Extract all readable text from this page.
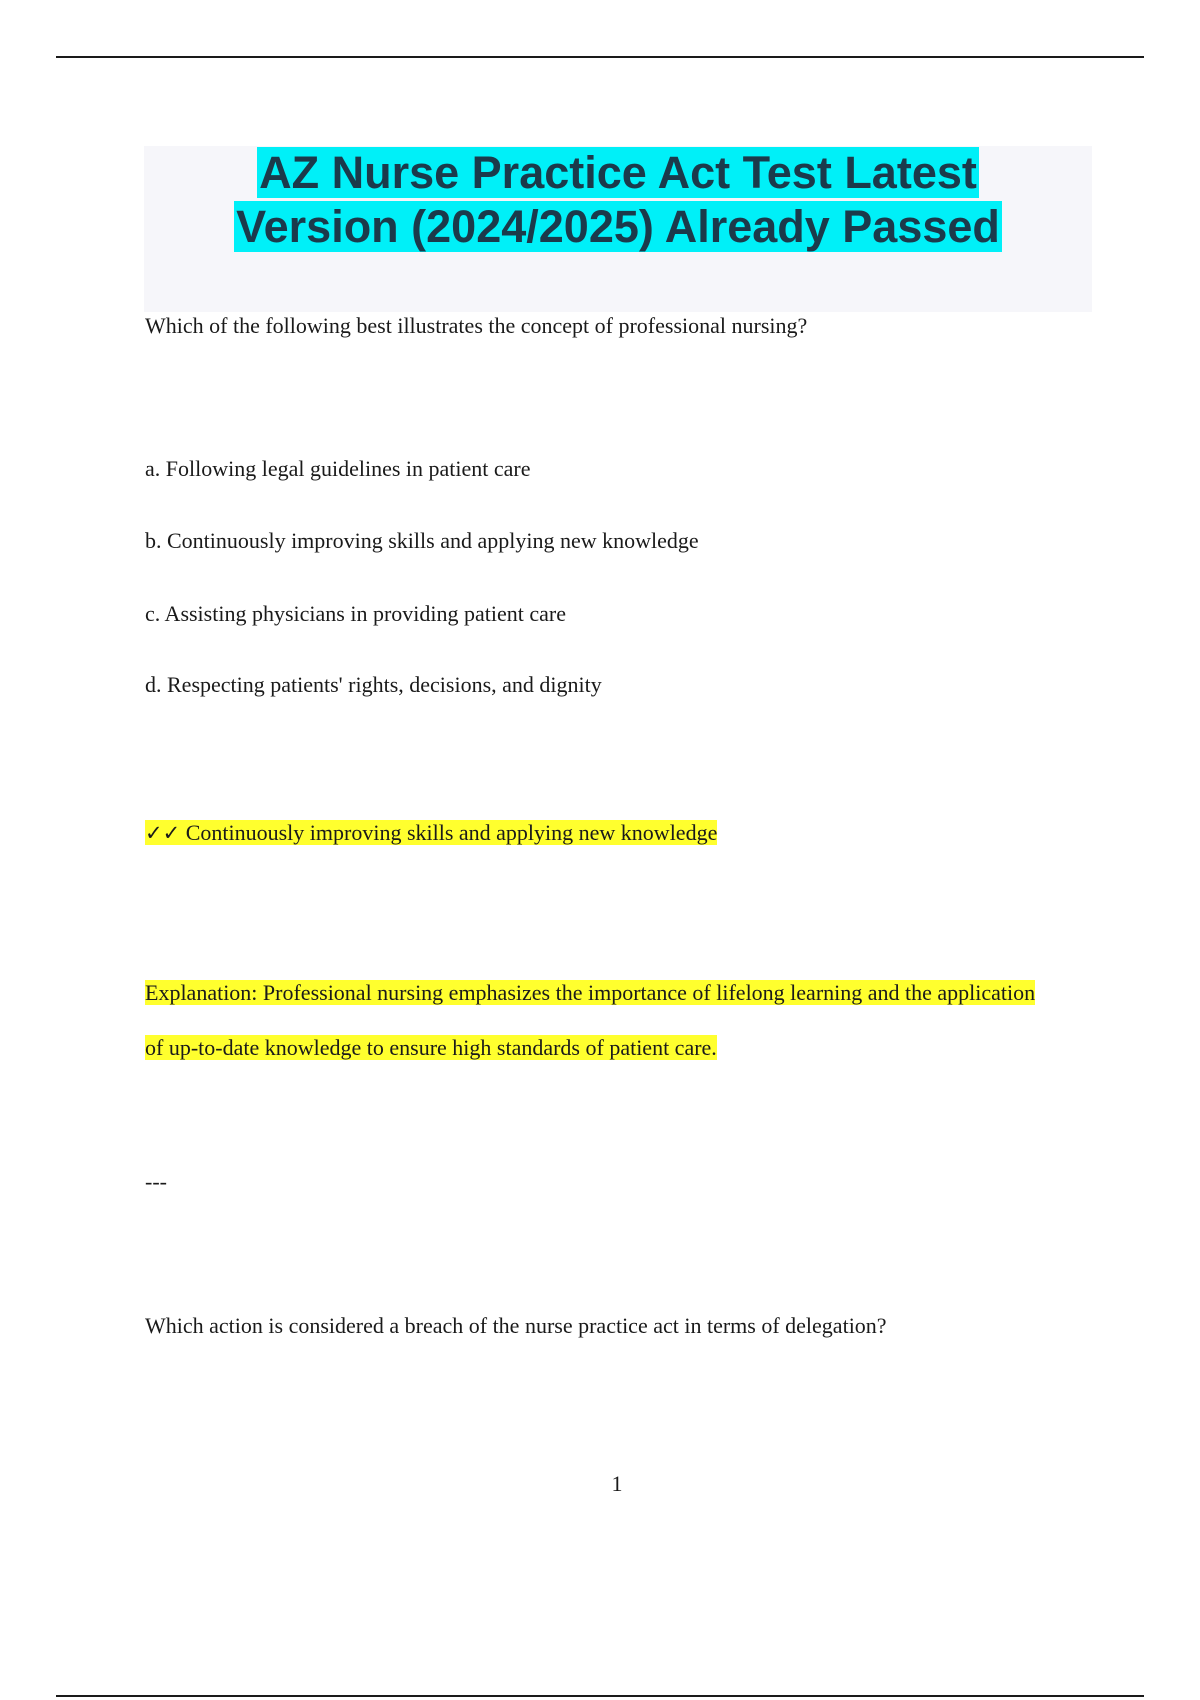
AZ Nurse Practice Act Test Latest
Version (2024/2025) Already Passed

Which of the following best illustrates the concept of professional nursing?

a. Following legal guidelines in patient care

b. Continuously improving skills and applying new knowledge

c. Assisting physicians in providing patient care

d. Respecting patients' rights, decisions, and dignity

✓✓ Continuously improving skills and applying new knowledge

Explanation: Professional nursing emphasizes the importance of lifelong learning and the application of up-to-date knowledge to ensure high standards of patient care.

---

Which action is considered a breach of the nurse practice act in terms of delegation?

1
